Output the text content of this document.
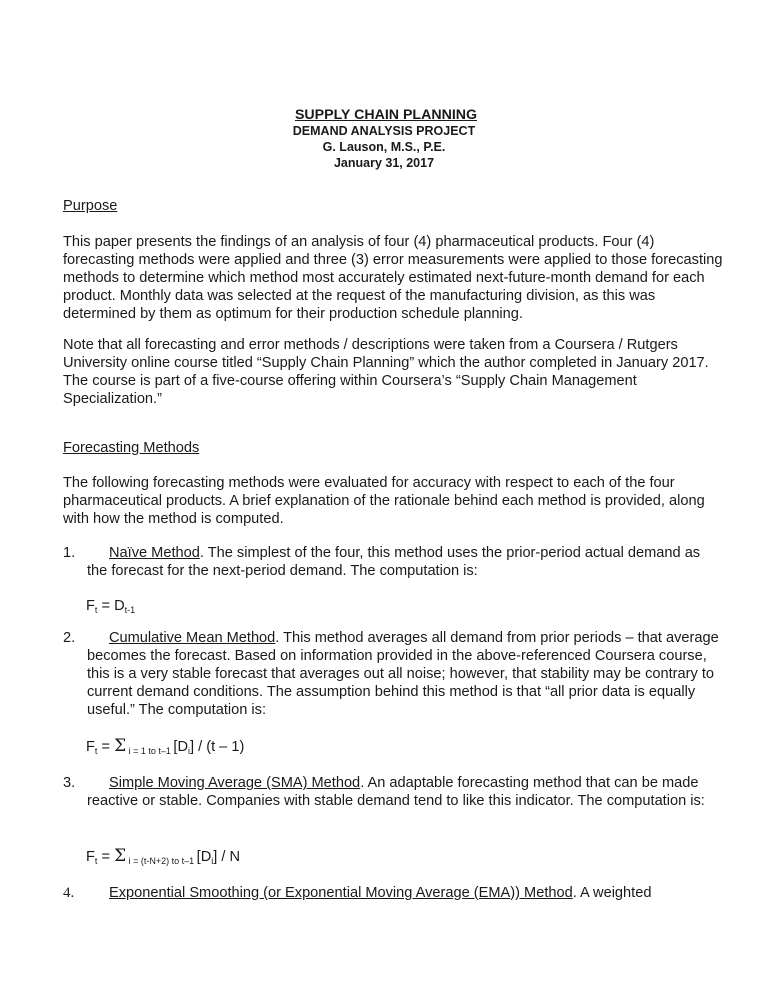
SUPPLY CHAIN PLANNING
DEMAND ANALYSIS PROJECT
G. Lauson, M.S., P.E.
January 31, 2017
Purpose
This paper presents the findings of an analysis of four (4) pharmaceutical products. Four (4) forecasting methods were applied and three (3) error measurements were applied to those forecasting methods to determine which method most accurately estimated next-future-month demand for each product. Monthly data was selected at the request of the manufacturing division, as this was determined by them as optimum for their production schedule planning.
Note that all forecasting and error methods / descriptions were taken from a Coursera / Rutgers University online course titled “Supply Chain Planning” which the author completed in January 2017. The course is part of a five-course offering within Coursera’s “Supply Chain Management Specialization.”
Forecasting Methods
The following forecasting methods were evaluated for accuracy with respect to each of the four pharmaceutical products. A brief explanation of the rationale behind each method is provided, along with how the method is computed.
1.	Naïve Method. The simplest of the four, this method uses the prior-period actual demand as the forecast for the next-period demand. The computation is:
$F_t = D_{t-1}$
2.	Cumulative Mean Method. This method averages all demand from prior periods – that average becomes the forecast. Based on information provided in the above-referenced Coursera course, this is a very stable forecast that averages out all noise; however, that stability may be contrary to current demand conditions. The assumption behind this method is that “all prior data is equally useful.” The computation is:
$F_t = \Sigma$ $_{i = 1 to t-1}$ $[D_i] / (t - 1)$
3.	Simple Moving Average (SMA) Method. An adaptable forecasting method that can be made reactive or stable. Companies with stable demand tend to like this indicator. The computation is:
$F_t = \Sigma$ $_{i = (t-N+2) to t-1}$ $[D_i]$ / N
4.	Exponential Smoothing (or Exponential Moving Average (EMA)) Method. A weighted
